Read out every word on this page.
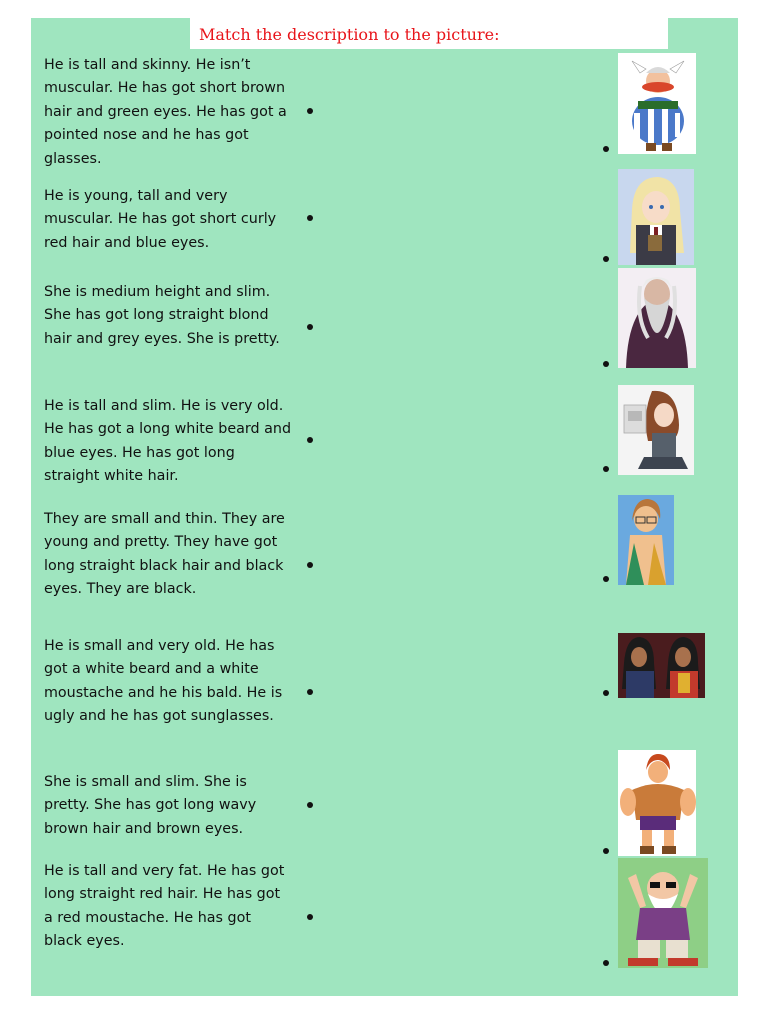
Match the description to the picture:

He is tall and skinny. He isn’t muscular. He has got short brown hair and green eyes. He has got a pointed nose and he has got glasses.

He is young, tall and very muscular. He has got short curly red hair and blue eyes.

She is medium height and slim. She has got long straight blond hair and grey eyes. She is pretty.

He is tall and slim. He is very old. He has got a long white beard and blue eyes. He has got long straight white hair.

They are small and thin. They are young and pretty. They have got long straight black hair and black eyes. They are black.

He is small and very old. He has got a white beard and a white moustache and he his bald. He is ugly and he has got sunglasses.

She is small and slim. She is pretty. She has got long wavy brown hair and brown eyes.

He is tall and very fat. He has got long straight red hair. He has got a red moustache. He has got black eyes.
